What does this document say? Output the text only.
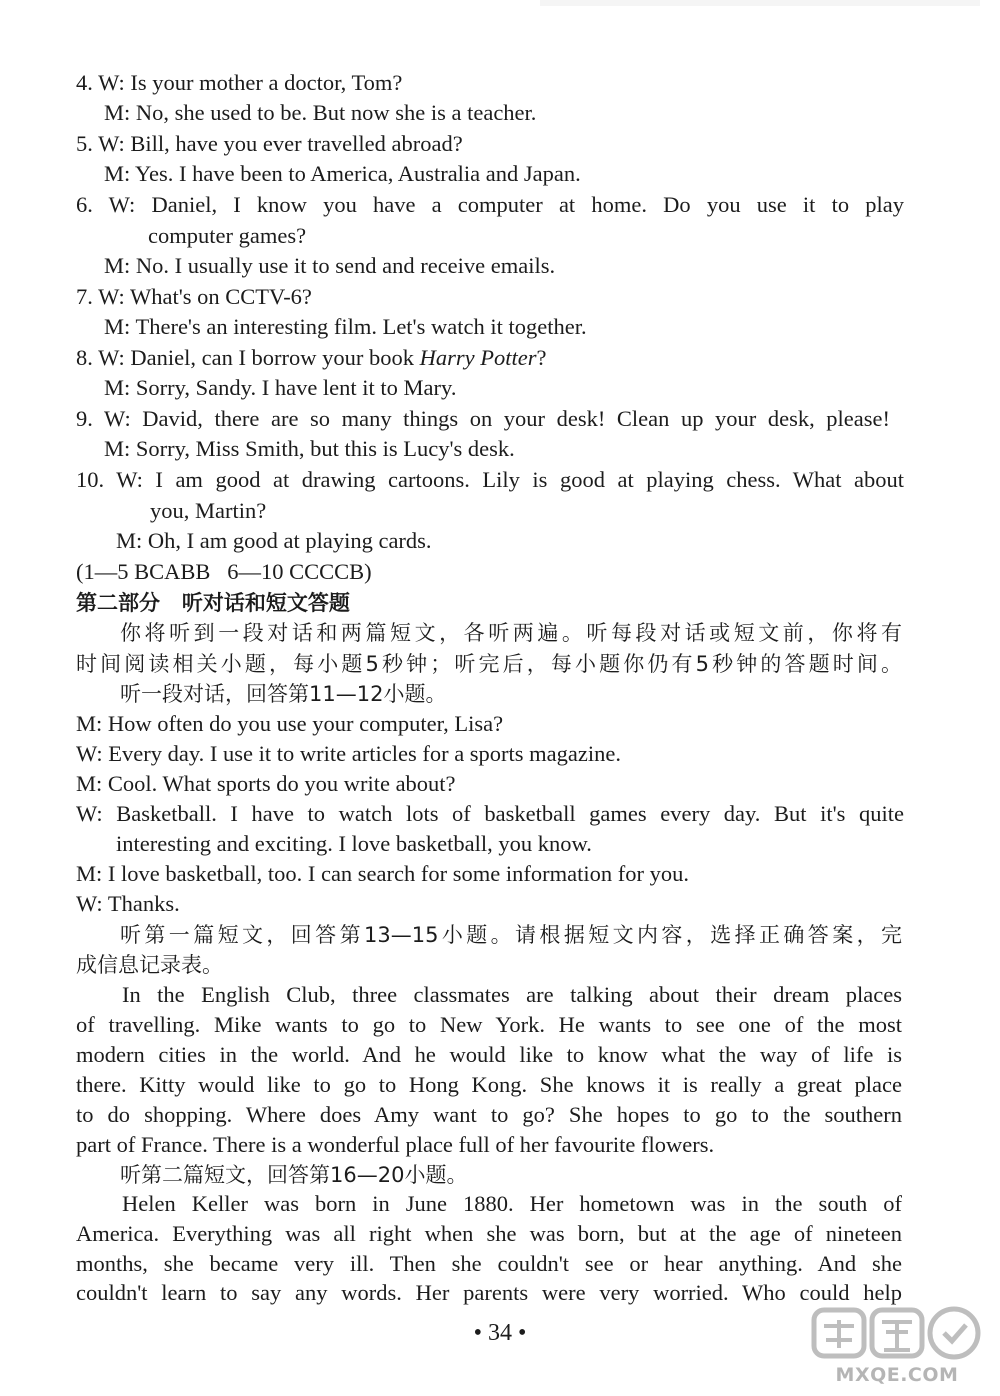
4. W: Is your mother a doctor, Tom?
M: No, she used to be. But now she is a teacher.
5. W: Bill, have you ever travelled abroad?
M: Yes. I have been to America, Australia and Japan.
6. W: Daniel, I know you have a computer at home. Do you use it to play
computer games?
M: No. I usually use it to send and receive emails.
7. W: What's on CCTV-6?
M: There's an interesting film. Let's watch it together.
8. W: Daniel, can I borrow your book Harry Potter?
M: Sorry, Sandy. I have lent it to Mary.
9. W: David, there are so many things on your desk! Clean up your desk, please!
M: Sorry, Miss Smith, but this is Lucy's desk.
10. W: I am good at drawing cartoons. Lily is good at playing chess. What about
you, Martin?
M: Oh, I am good at playing cards.
(1—5 BCABB   6—10 CCCCB)
第二部分   听对话和短文答题
你将听到一段对话和两篇短文，各听两遍。听每段对话或短文前，你将有
时间阅读相关小题，每小题5秒钟；听完后，每小题你仍有5秒钟的答题时间。
听一段对话，回答第11—12小题。
M: How often do you use your computer, Lisa?
W: Every day. I use it to write articles for a sports magazine.
M: Cool. What sports do you write about?
W: Basketball. I have to watch lots of basketball games every day. But it's quite
interesting and exciting. I love basketball, you know.
M: I love basketball, too. I can search for some information for you.
W: Thanks.
听第一篇短文，回答第13—15小题。请根据短文内容，选择正确答案，完
成信息记录表。
In the English Club, three classmates are talking about their dream places
of travelling. Mike wants to go to New York. He wants to see one of the most
modern cities in the world. And he would like to know what the way of life is
there. Kitty would like to go to Hong Kong. She knows it is really a great place
to do shopping. Where does Amy want to go? She hopes to go to the southern
part of France. There is a wonderful place full of her favourite flowers.
听第二篇短文，回答第16—20小题。
Helen Keller was born in June 1880. Her hometown was in the south of
America. Everything was all right when she was born, but at the age of nineteen
months, she became very ill. Then she couldn't see or hear anything. And she
couldn't learn to say any words. Her parents were very worried. Who could help
• 34 •
MXQE.COM
